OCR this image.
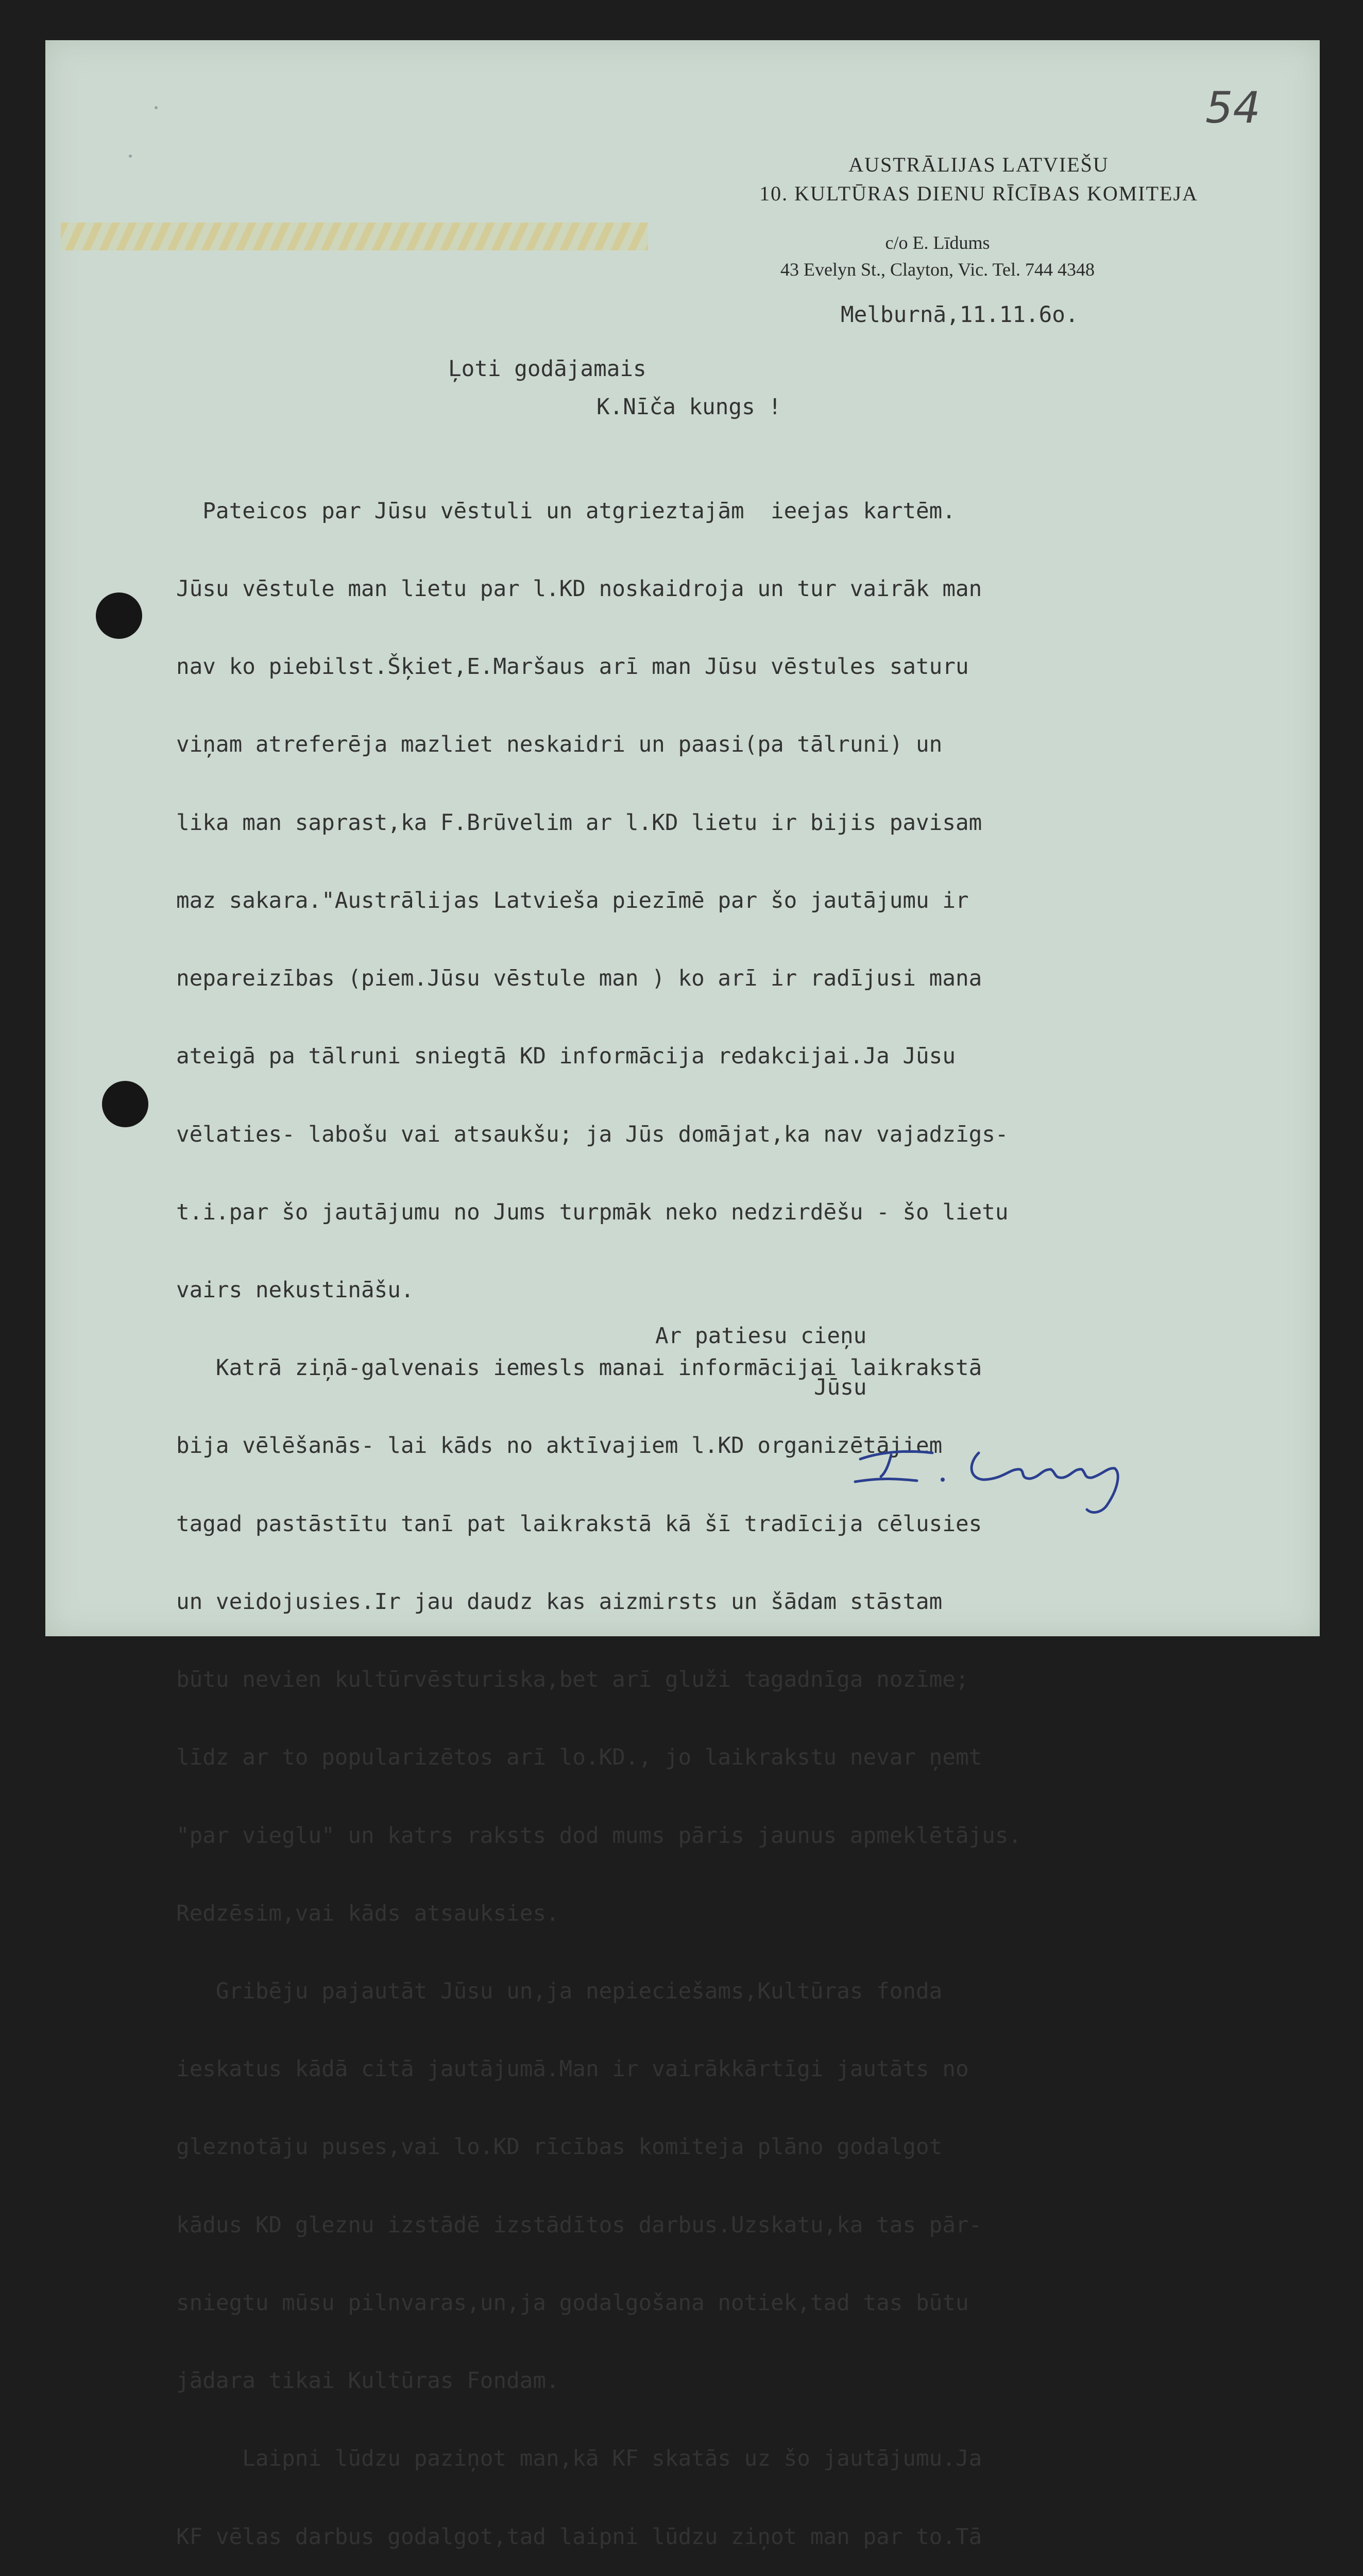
54
AUSTRĀLIJAS LATVIEŠU
10. KULTŪRAS DIENU RĪCĪBAS KOMITEJA
c/o E. Līdums
43 Evelyn St., Clayton, Vic. Tel. 744 4348
Melburnā,11.11.6o.
Ļoti godājamais
K.Nīča kungs !

Pateicos par Jūsu vēstuli un atgrieztajām  ieejas kartēm.

Jūsu vēstule man lietu par l.KD noskaidroja un tur vairāk man

nav ko piebilst.Šķiet,E.Maršaus arī man Jūsu vēstules saturu

viņam atreferēja mazliet neskaidri un paasi(pa tālruni) un

lika man saprast,ka F.Brūvelim ar l.KD lietu ir bijis pavisam

maz sakara."Austrālijas Latvieša piezīmē par šo jautājumu ir

nepareizības (piem.Jūsu vēstule man ) ko arī ir radījusi mana

ateigā pa tālruni sniegtā KD informācija redakcijai.Ja Jūsu

vēlaties- labošu vai atsaukšu; ja Jūs domājat,ka nav vajadzīgs-

t.i.par šo jautājumu no Jums turpmāk neko nedzirdēšu - šo lietu

vairs nekustināšu.

Katrā ziņā-galvenais iemesls manai informācijai laikrakstā

bija vēlēšanās- lai kāds no aktīvajiem l.KD organizētājiem

tagad pastāstītu tanī pat laikrakstā kā šī tradīcija cēlusies

un veidojusies.Ir jau daudz kas aizmirsts un šādam stāstam

būtu nevien kultūrvēsturiska,bet arī gluži tagadnīga nozīme;

līdz ar to popularizētos arī lo.KD., jo laikrakstu nevar ņemt

"par vieglu" un katrs raksts dod mums pāris jaunus apmeklētājus.

Redzēsim,vai kāds atsauksies.

Gribēju pajautāt Jūsu un,ja nepieciešams,Kultūras fonda

ieskatus kādā citā jautājumā.Man ir vairākkārtīgi jautāts no

gleznotāju puses,vai lo.KD rīcības komiteja plāno godalgot

kādus KD gleznu izstādē izstādītos darbus.Uzskatu,ka tas pār-

sniegtu mūsu pilnvaras,un,ja godalgošana notiek,tad tas būtu

jādara tikai Kultūras Fondam.

Laipni lūdzu paziņot man,kā KF skatās uz šo jautājumu.Ja

KF vēlas darbus godalgot,tad laipni lūdzu ziņot man par to.Tā

Ar patiesu cieņu
Jūsu
